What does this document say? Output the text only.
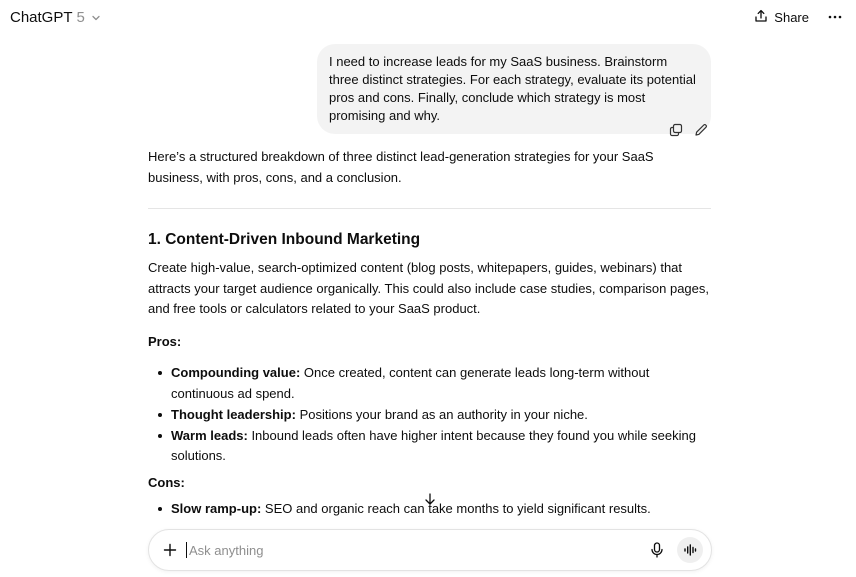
ChatGPT 5	Share
I need to increase leads for my SaaS business. Brainstorm three distinct strategies. For each strategy, evaluate its potential pros and cons. Finally, conclude which strategy is most promising and why.

Here’s a structured breakdown of three distinct lead-generation strategies for your SaaS business, with pros, cons, and a conclusion.

1. Content-Driven Inbound Marketing

Create high-value, search-optimized content (blog posts, whitepapers, guides, webinars) that attracts your target audience organically. This could also include case studies, comparison pages, and free tools or calculators related to your SaaS product.

Pros:

Compounding value: Once created, content can generate leads long-term without continuous ad spend.
Thought leadership: Positions your brand as an authority in your niche.
Warm leads: Inbound leads often have higher intent because they found you while seeking solutions.

Cons:

Slow ramp-up: SEO and organic reach can take months to yield significant results.
Ask anything
